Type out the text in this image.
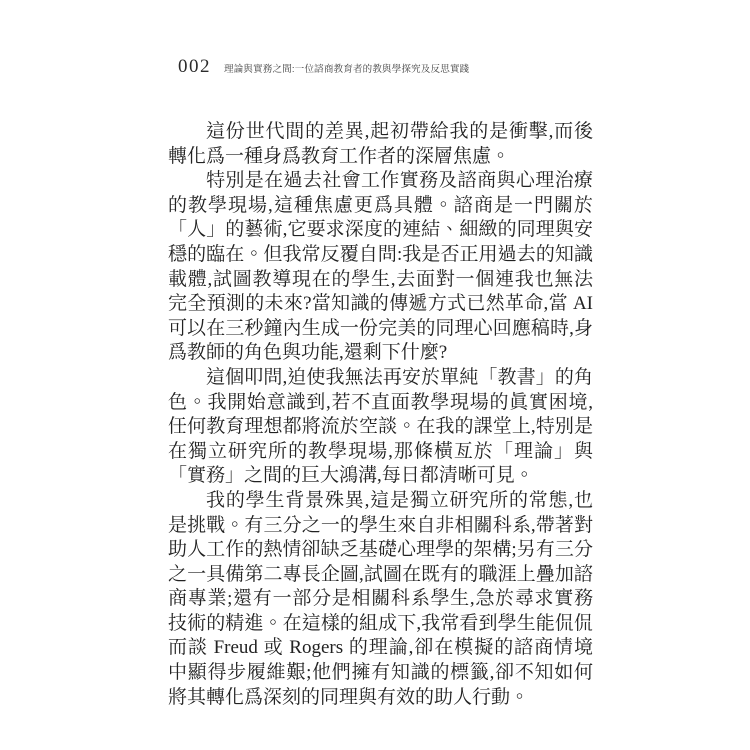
002 理論與實務之間:一位諮商教育者的教與學探究及反思實踐

這份世代間的差異,起初帶給我的是衝擊,而後轉化爲一種身爲教育工作者的深層焦慮。

特別是在過去社會工作實務及諮商與心理治療的教學現場,這種焦慮更爲具體。諮商是一門關於「人」的藝術,它要求深度的連結、細緻的同理與安穩的臨在。但我常反覆自問:我是否正用過去的知識載體,試圖教導現在的學生,去面對一個連我也無法完全預測的未來?當知識的傳遞方式已然革命,當 AI 可以在三秒鐘內生成一份完美的同理心回應稿時,身爲教師的角色與功能,還剩下什麼?

這個叩問,迫使我無法再安於單純「教書」的角色。我開始意識到,若不直面教學現場的眞實困境,任何教育理想都將流於空談。在我的課堂上,特別是在獨立研究所的教學現場,那條橫亙於「理論」與「實務」之間的巨大鴻溝,每日都清晰可見。

我的學生背景殊異,這是獨立研究所的常態,也是挑戰。有三分之一的學生來自非相關科系,帶著對助人工作的熱情卻缺乏基礎心理學的架構;另有三分之一具備第二專長企圖,試圖在既有的職涯上疊加諮商專業;還有一部分是相關科系學生,急於尋求實務技術的精進。在這樣的組成下,我常看到學生能侃侃而談 Freud 或 Rogers 的理論,卻在模擬的諮商情境中顯得步履維艱;他們擁有知識的標籤,卻不知如何將其轉化爲深刻的同理與有效的助人行動。
